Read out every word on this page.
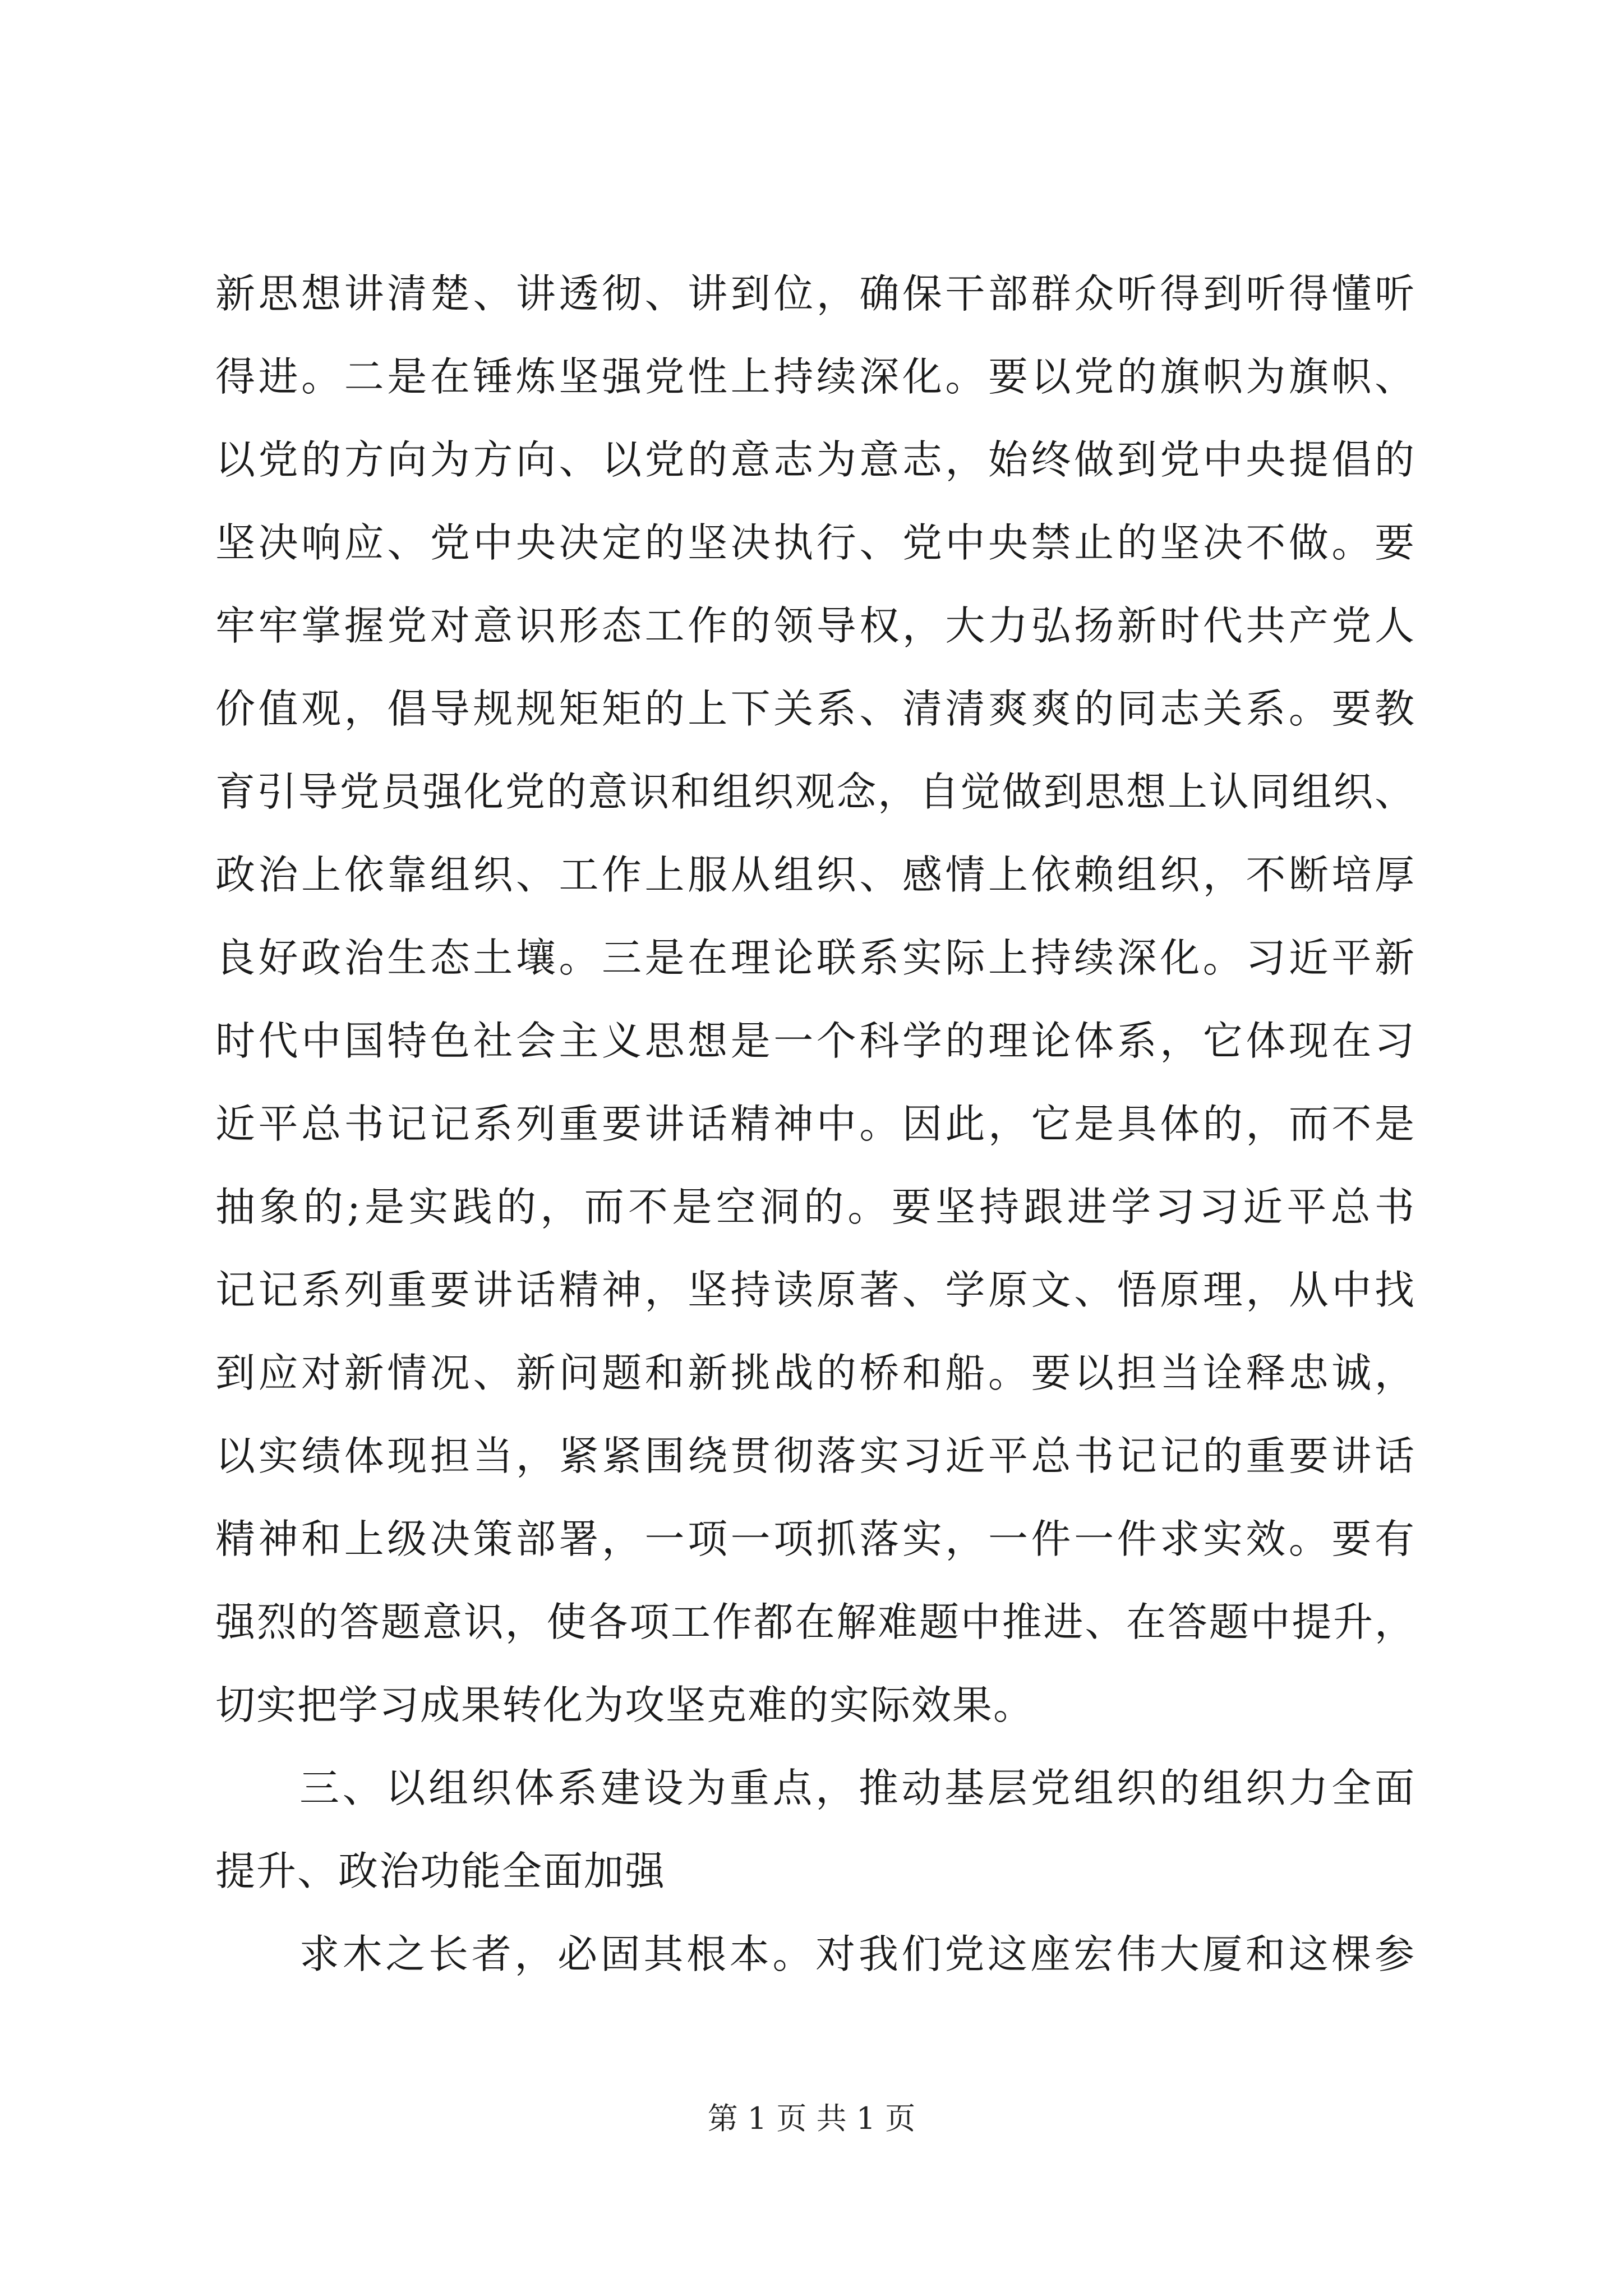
新思想讲清楚、讲透彻、讲到位，确保干部群众听得到听得懂听
得进。二是在锤炼坚强党性上持续深化。要以党的旗帜为旗帜、
以党的方向为方向、以党的意志为意志，始终做到党中央提倡的
坚决响应、党中央决定的坚决执行、党中央禁止的坚决不做。要
牢牢掌握党对意识形态工作的领导权，大力弘扬新时代共产党人
价值观，倡导规规矩矩的上下关系、清清爽爽的同志关系。要教
育引导党员强化党的意识和组织观念，自觉做到思想上认同组织、
政治上依靠组织、工作上服从组织、感情上依赖组织，不断培厚
良好政治生态土壤。三是在理论联系实际上持续深化。习近平新
时代中国特色社会主义思想是一个科学的理论体系，它体现在习
近平总书记记系列重要讲话精神中。因此，它是具体的，而不是
抽象的;是实践的，而不是空洞的。要坚持跟进学习习近平总书
记记系列重要讲话精神，坚持读原著、学原文、悟原理，从中找
到应对新情况、新问题和新挑战的桥和船。要以担当诠释忠诚，
以实绩体现担当，紧紧围绕贯彻落实习近平总书记记的重要讲话
精神和上级决策部署，一项一项抓落实，一件一件求实效。要有
强烈的答题意识，使各项工作都在解难题中推进、在答题中提升，
切实把学习成果转化为攻坚克难的实际效果。
三、以组织体系建设为重点，推动基层党组织的组织力全面
提升、政治功能全面加强
求木之长者，必固其根本。对我们党这座宏伟大厦和这棵参
第 1 页 共 1 页
